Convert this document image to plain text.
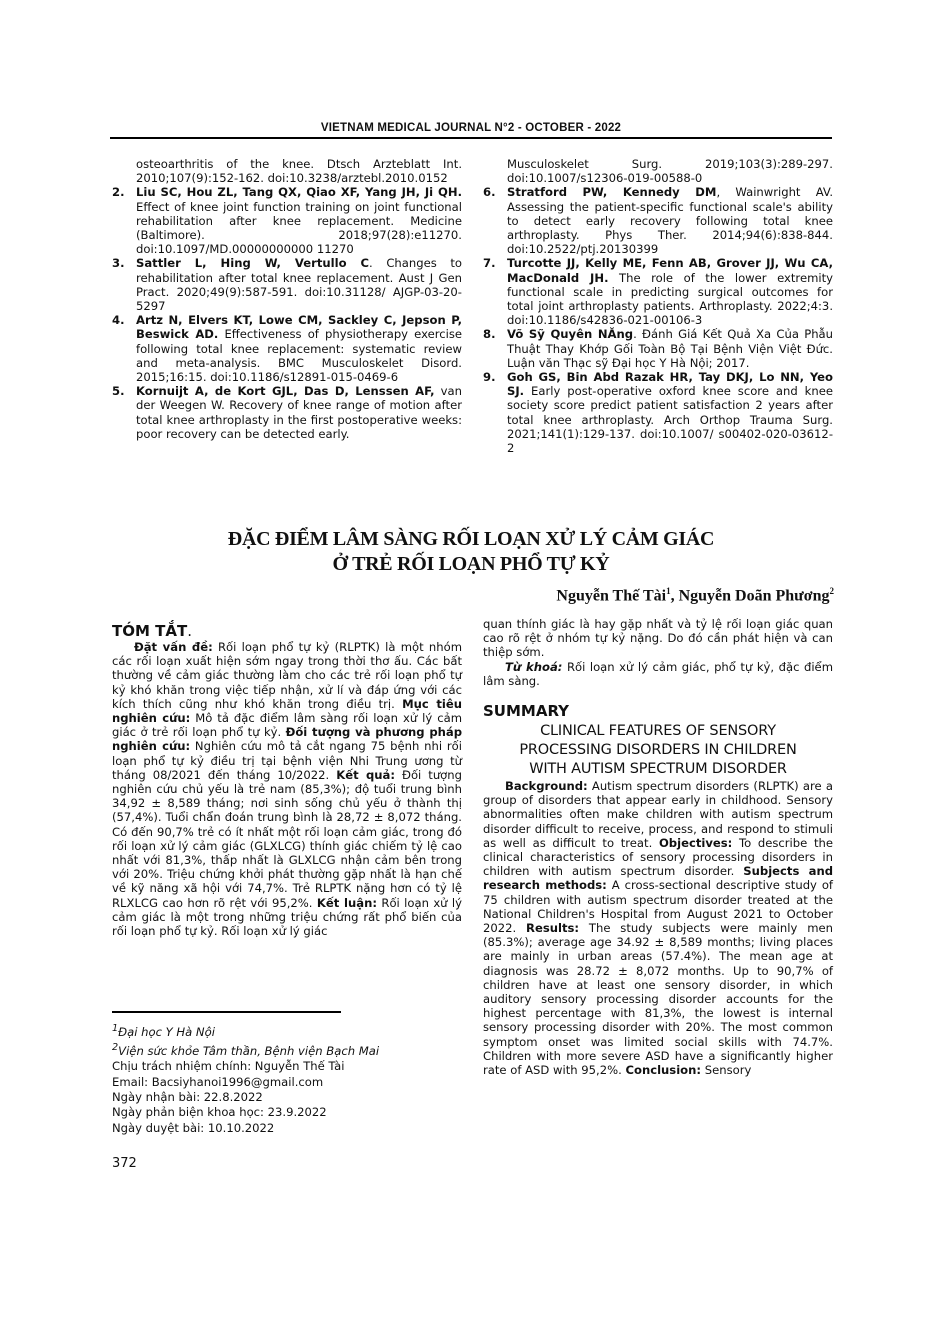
VIETNAM MEDICAL JOURNAL N°2 - OCTOBER - 2022

osteoarthritis of the knee. Dtsch Arzteblatt Int. 2010;107(9):152-162. doi:10.3238/arztebl.2010.0152

2. Liu SC, Hou ZL, Tang QX, Qiao XF, Yang JH, Ji QH. Effect of knee joint function training on joint functional rehabilitation after knee replacement. Medicine (Baltimore). 2018;97(28):e11270. doi:10.1097/MD.00000000000 11270

3. Sattler L, Hing W, Vertullo C. Changes to rehabilitation after total knee replacement. Aust J Gen Pract. 2020;49(9):587-591. doi:10.31128/ AJGP-03-20-5297

4. Artz N, Elvers KT, Lowe CM, Sackley C, Jepson P, Beswick AD. Effectiveness of physiotherapy exercise following total knee replacement: systematic review and meta-analysis. BMC Musculoskelet Disord. 2015;16:15. doi:10.1186/s12891-015-0469-6

5. Kornuijt A, de Kort GJL, Das D, Lenssen AF, van der Weegen W. Recovery of knee range of motion after total knee arthroplasty in the first postoperative weeks: poor recovery can be detected early.

Musculoskelet Surg. 2019;103(3):289-297. doi:10.1007/s12306-019-00588-0

6. Stratford PW, Kennedy DM, Wainwright AV. Assessing the patient-specific functional scale's ability to detect early recovery following total knee arthroplasty. Phys Ther. 2014;94(6):838-844. doi:10.2522/ptj.20130399

7. Turcotte JJ, Kelly ME, Fenn AB, Grover JJ, Wu CA, MacDonald JH. The role of the lower extremity functional scale in predicting surgical outcomes for total joint arthroplasty patients. Arthroplasty. 2022;4:3. doi:10.1186/s42836-021-00106-3

8. Võ Sỹ Quyên NĂng. Đánh Giá Kết Quả Xa Của Phẫu Thuật Thay Khớp Gối Toàn Bộ Tại Bệnh Viện Việt Đức. Luận văn Thạc sỹ Đại học Y Hà Nội; 2017.

9. Goh GS, Bin Abd Razak HR, Tay DKJ, Lo NN, Yeo SJ. Early post-operative oxford knee score and knee society score predict patient satisfaction 2 years after total knee arthroplasty. Arch Orthop Trauma Surg. 2021;141(1):129-137. doi:10.1007/ s00402-020-03612-2

ĐẶC ĐIỂM LÂM SÀNG RỐI LOẠN XỬ LÝ CẢM GIÁC
Ở TRẺ RỐI LOẠN PHỔ TỰ KỶ
Nguyễn Thế Tài$^1$, Nguyễn Doãn Phương$^2$

TÓM TẮT.

Đặt vấn đề: Rối loạn phổ tự kỷ (RLPTK) là một nhóm các rối loạn xuất hiện sớm ngay trong thời thơ ấu. Các bất thường về cảm giác thường làm cho các trẻ rối loạn phổ tự kỷ khó khăn trong việc tiếp nhận, xử lí và đáp ứng với các kích thích cũng như khó khăn trong điều trị. Mục tiêu nghiên cứu: Mô tả đặc điểm lâm sàng rối loạn xử lý cảm giác ở trẻ rối loạn phổ tự kỷ. Đối tượng và phương pháp nghiên cứu: Nghiên cứu mô tả cắt ngang 75 bệnh nhi rối loạn phổ tự kỷ điều trị tại bệnh viện Nhi Trung ương từ tháng 08/2021 đến tháng 10/2022. Kết quả: Đối tượng nghiên cứu chủ yếu là trẻ nam (85,3%); độ tuổi trung bình 34,92 ± 8,589 tháng; nơi sinh sống chủ yếu ở thành thị (57,4%). Tuổi chẩn đoán trung bình là 28,72 ± 8,072 tháng. Có đến 90,7% trẻ có ít nhất một rối loạn cảm giác, trong đó rối loạn xử lý cảm giác (GLXLCG) thính giác chiếm tỷ lệ cao nhất với 81,3%, thấp nhất là GLXLCG nhận cảm bên trong với 20%. Triệu chứng khởi phát thường gặp nhất là hạn chế về kỹ năng xã hội với 74,7%. Trẻ RLPTK nặng hơn có tỷ lệ RLXLCG cao hơn rõ rệt với 95,2%. Kết luận: Rối loạn xử lý cảm giác là một trong những triệu chứng rất phổ biến của rối loạn phổ tự kỷ. Rối loạn xử lý giác

quan thính giác là hay gặp nhất và tỷ lệ rối loạn giác quan cao rõ rệt ở nhóm tự kỷ nặng. Do đó cần phát hiện và can thiệp sớm.

Từ khoá: Rối loạn xử lý cảm giác, phổ tự kỷ, đặc điểm lâm sàng.

SUMMARY

CLINICAL FEATURES OF SENSORY
PROCESSING DISORDERS IN CHILDREN
WITH AUTISM SPECTRUM DISORDER

Background: Autism spectrum disorders (RLPTK) are a group of disorders that appear early in childhood. Sensory abnormalities often make children with autism spectrum disorder difficult to receive, process, and respond to stimuli as well as difficult to treat. Objectives: To describe the clinical characteristics of sensory processing disorders in children with autism spectrum disorder. Subjects and research methods: A cross-sectional descriptive study of 75 children with autism spectrum disorder treated at the National Children's Hospital from August 2021 to October 2022. Results: The study subjects were mainly men (85.3%); average age 34.92 ± 8,589 months; living places are mainly in urban areas (57.4%). The mean age at diagnosis was 28.72 ± 8,072 months. Up to 90,7% of children have at least one sensory disorder, in which auditory sensory processing disorder accounts for the highest percentage with 81,3%, the lowest is internal sensory processing disorder with 20%. The most common symptom onset was limited social skills with 74.7%. Children with more severe ASD have a significantly higher rate of ASD with 95,2%. Conclusion: Sensory

$^1$Đại học Y Hà Nội
$^2$Viện sức khỏe Tâm thần, Bệnh viện Bạch Mai
Chịu trách nhiệm chính: Nguyễn Thế Tài
Email: Bacsiyhanoi1996@gmail.com
Ngày nhận bài: 22.8.2022
Ngày phản biện khoa học: 23.9.2022
Ngày duyệt bài: 10.10.2022
372
